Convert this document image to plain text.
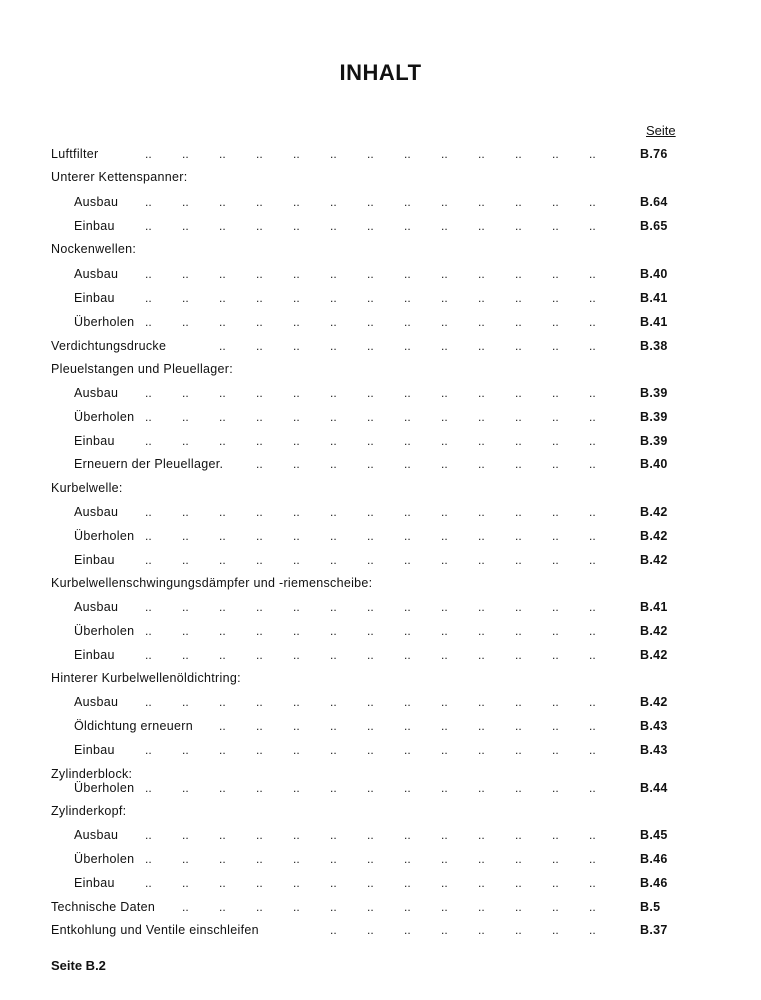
INHALT
Seite
Luftfilter	..	..	..	..	..	..	..	..	..	..	..	..	..	B.76
Unterer Kettenspanner:
Ausbau ..	..	..	..	..	..	..	..	..	..	..	..	..	B.64
Einbau	..	..	..	..	..	..	..	..	..	..	..	..	..	B.65
Nockenwellen:
Ausbau ..	..	..	..	..	..	..	..	..	..	..	..	..	B.40
Einbau	..	..	..	..	..	..	..	..	..	..	..	..	..	B.41
Überholen ..	..	..	..	..	..	..	..	..	..	..	..	..	B.41
Verdichtungsdrucke	..	..	..	..	..	..	..	..	..	..	..	B.38
Pleuelstangen und Pleuellager:
Ausbau ..	..	..	..	..	..	..	..	..	..	..	..	..	B.39
Überholen ..	..	..	..	..	..	..	..	..	..	..	..	..	B.39
Einbau	..	..	..	..	..	..	..	..	..	..	..	..	..	B.39
Erneuern der Pleuellager.	..	..	..	..	..	..	..	..	..	..	B.40
Kurbelwelle:
Ausbau ..	..	..	..	..	..	..	..	..	..	..	..	..	B.42
Überholen ..	..	..	..	..	..	..	..	..	..	..	..	..	B.42
Einbau	..	..	..	..	..	..	..	..	..	..	..	..	..	B.42
Kurbelwellenschwingungsdämpfer und -riemenscheibe:
Ausbau ..	..	..	..	..	..	..	..	..	..	..	..	..	B.41
Überholen ..	..	..	..	..	..	..	..	..	..	..	..	..	B.42
Einbau	..	..	..	..	..	..	..	..	..	..	..	..	..	B.42
Hinterer Kurbelwellenöldichtring:
Ausbau ..	..	..	..	..	..	..	..	..	..	..	..	..	B.42
Öldichtung erneuern ..	..	..	..	..	..	..	..	..	..	..	B.43
Einbau	..	..	..	..	..	..	..	..	..	..	..	..	..	B.43
Zylinderblock:
Überholen ..	..	..	..	..	..	..	..	..	..	..	..	..	B.44
Zylinderkopf:
Ausbau ..	..	..	..	..	..	..	..	..	..	..	..	..	B.45
Überholen ..	..	..	..	..	..	..	..	..	..	..	..	..	B.46
Einbau	..	..	..	..	..	..	..	..	..	..	..	..	..	B.46
Technische Daten ..	..	..	..	..	..	..	..	..	..	..	..	B.5
Entkohlung und Ventile einschleifen	..	..	..	..	..	..	..	..	B.37
Seite B.2
